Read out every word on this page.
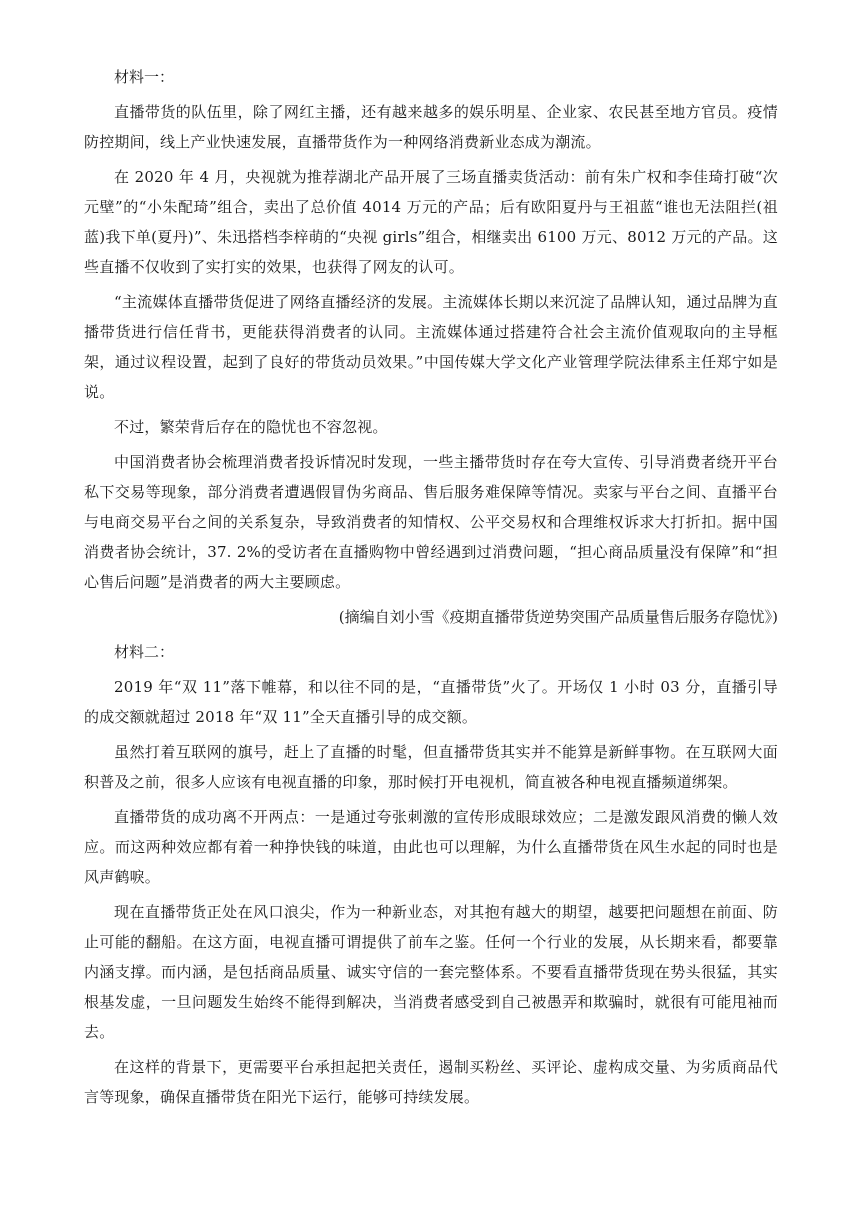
材料一：

直播带货的队伍里，除了网红主播，还有越来越多的娱乐明星、企业家、农民甚至地方官员。疫情防控期间，线上产业快速发展，直播带货作为一种网络消费新业态成为潮流。

在 2020 年 4 月，央视就为推荐湖北产品开展了三场直播卖货活动：前有朱广权和李佳琦打破“次元壁”的“小朱配琦”组合，卖出了总价值 4014 万元的产品；后有欧阳夏丹与王祖蓝“谁也无法阻拦(祖蓝)我下单(夏丹)”、朱迅搭档李梓萌的“央视 girls”组合，相继卖出 6100 万元、8012 万元的产品。这些直播不仅收到了实打实的效果，也获得了网友的认可。

“主流媒体直播带货促进了网络直播经济的发展。主流媒体长期以来沉淀了品牌认知，通过品牌为直播带货进行信任背书，更能获得消费者的认同。主流媒体通过搭建符合社会主流价值观取向的主导框架，通过议程设置，起到了良好的带货动员效果。”中国传媒大学文化产业管理学院法律系主任郑宁如是说。

不过，繁荣背后存在的隐忧也不容忽视。

中国消费者协会梳理消费者投诉情况时发现，一些主播带货时存在夸大宣传、引导消费者绕开平台私下交易等现象，部分消费者遭遇假冒伪劣商品、售后服务难保障等情况。卖家与平台之间、直播平台与电商交易平台之间的关系复杂，导致消费者的知情权、公平交易权和合理维权诉求大打折扣。据中国消费者协会统计，37. 2%的受访者在直播购物中曾经遇到过消费问题，“担心商品质量没有保障”和“担心售后问题”是消费者的两大主要顾虑。

(摘编自刘小雪《疫期直播带货逆势突围产品质量售后服务存隐忧》)

材料二：

2019 年“双 11”落下帷幕，和以往不同的是，“直播带货”火了。开场仅 1 小时 03 分，直播引导的成交额就超过 2018 年“双 11”全天直播引导的成交额。

虽然打着互联网的旗号，赶上了直播的时髦，但直播带货其实并不能算是新鲜事物。在互联网大面积普及之前，很多人应该有电视直播的印象，那时候打开电视机，简直被各种电视直播频道绑架。

直播带货的成功离不开两点：一是通过夸张刺激的宣传形成眼球效应；二是激发跟风消费的懒人效应。而这两种效应都有着一种挣快钱的味道，由此也可以理解，为什么直播带货在风生水起的同时也是风声鹤唳。

现在直播带货正处在风口浪尖，作为一种新业态，对其抱有越大的期望，越要把问题想在前面、防止可能的翻船。在这方面，电视直播可谓提供了前车之鉴。任何一个行业的发展，从长期来看，都要靠内涵支撑。而内涵，是包括商品质量、诚实守信的一套完整体系。不要看直播带货现在势头很猛，其实根基发虚，一旦问题发生始终不能得到解决，当消费者感受到自己被愚弄和欺骗时，就很有可能甩袖而去。

在这样的背景下，更需要平台承担起把关责任，遏制买粉丝、买评论、虚构成交量、为劣质商品代言等现象，确保直播带货在阳光下运行，能够可持续发展。
